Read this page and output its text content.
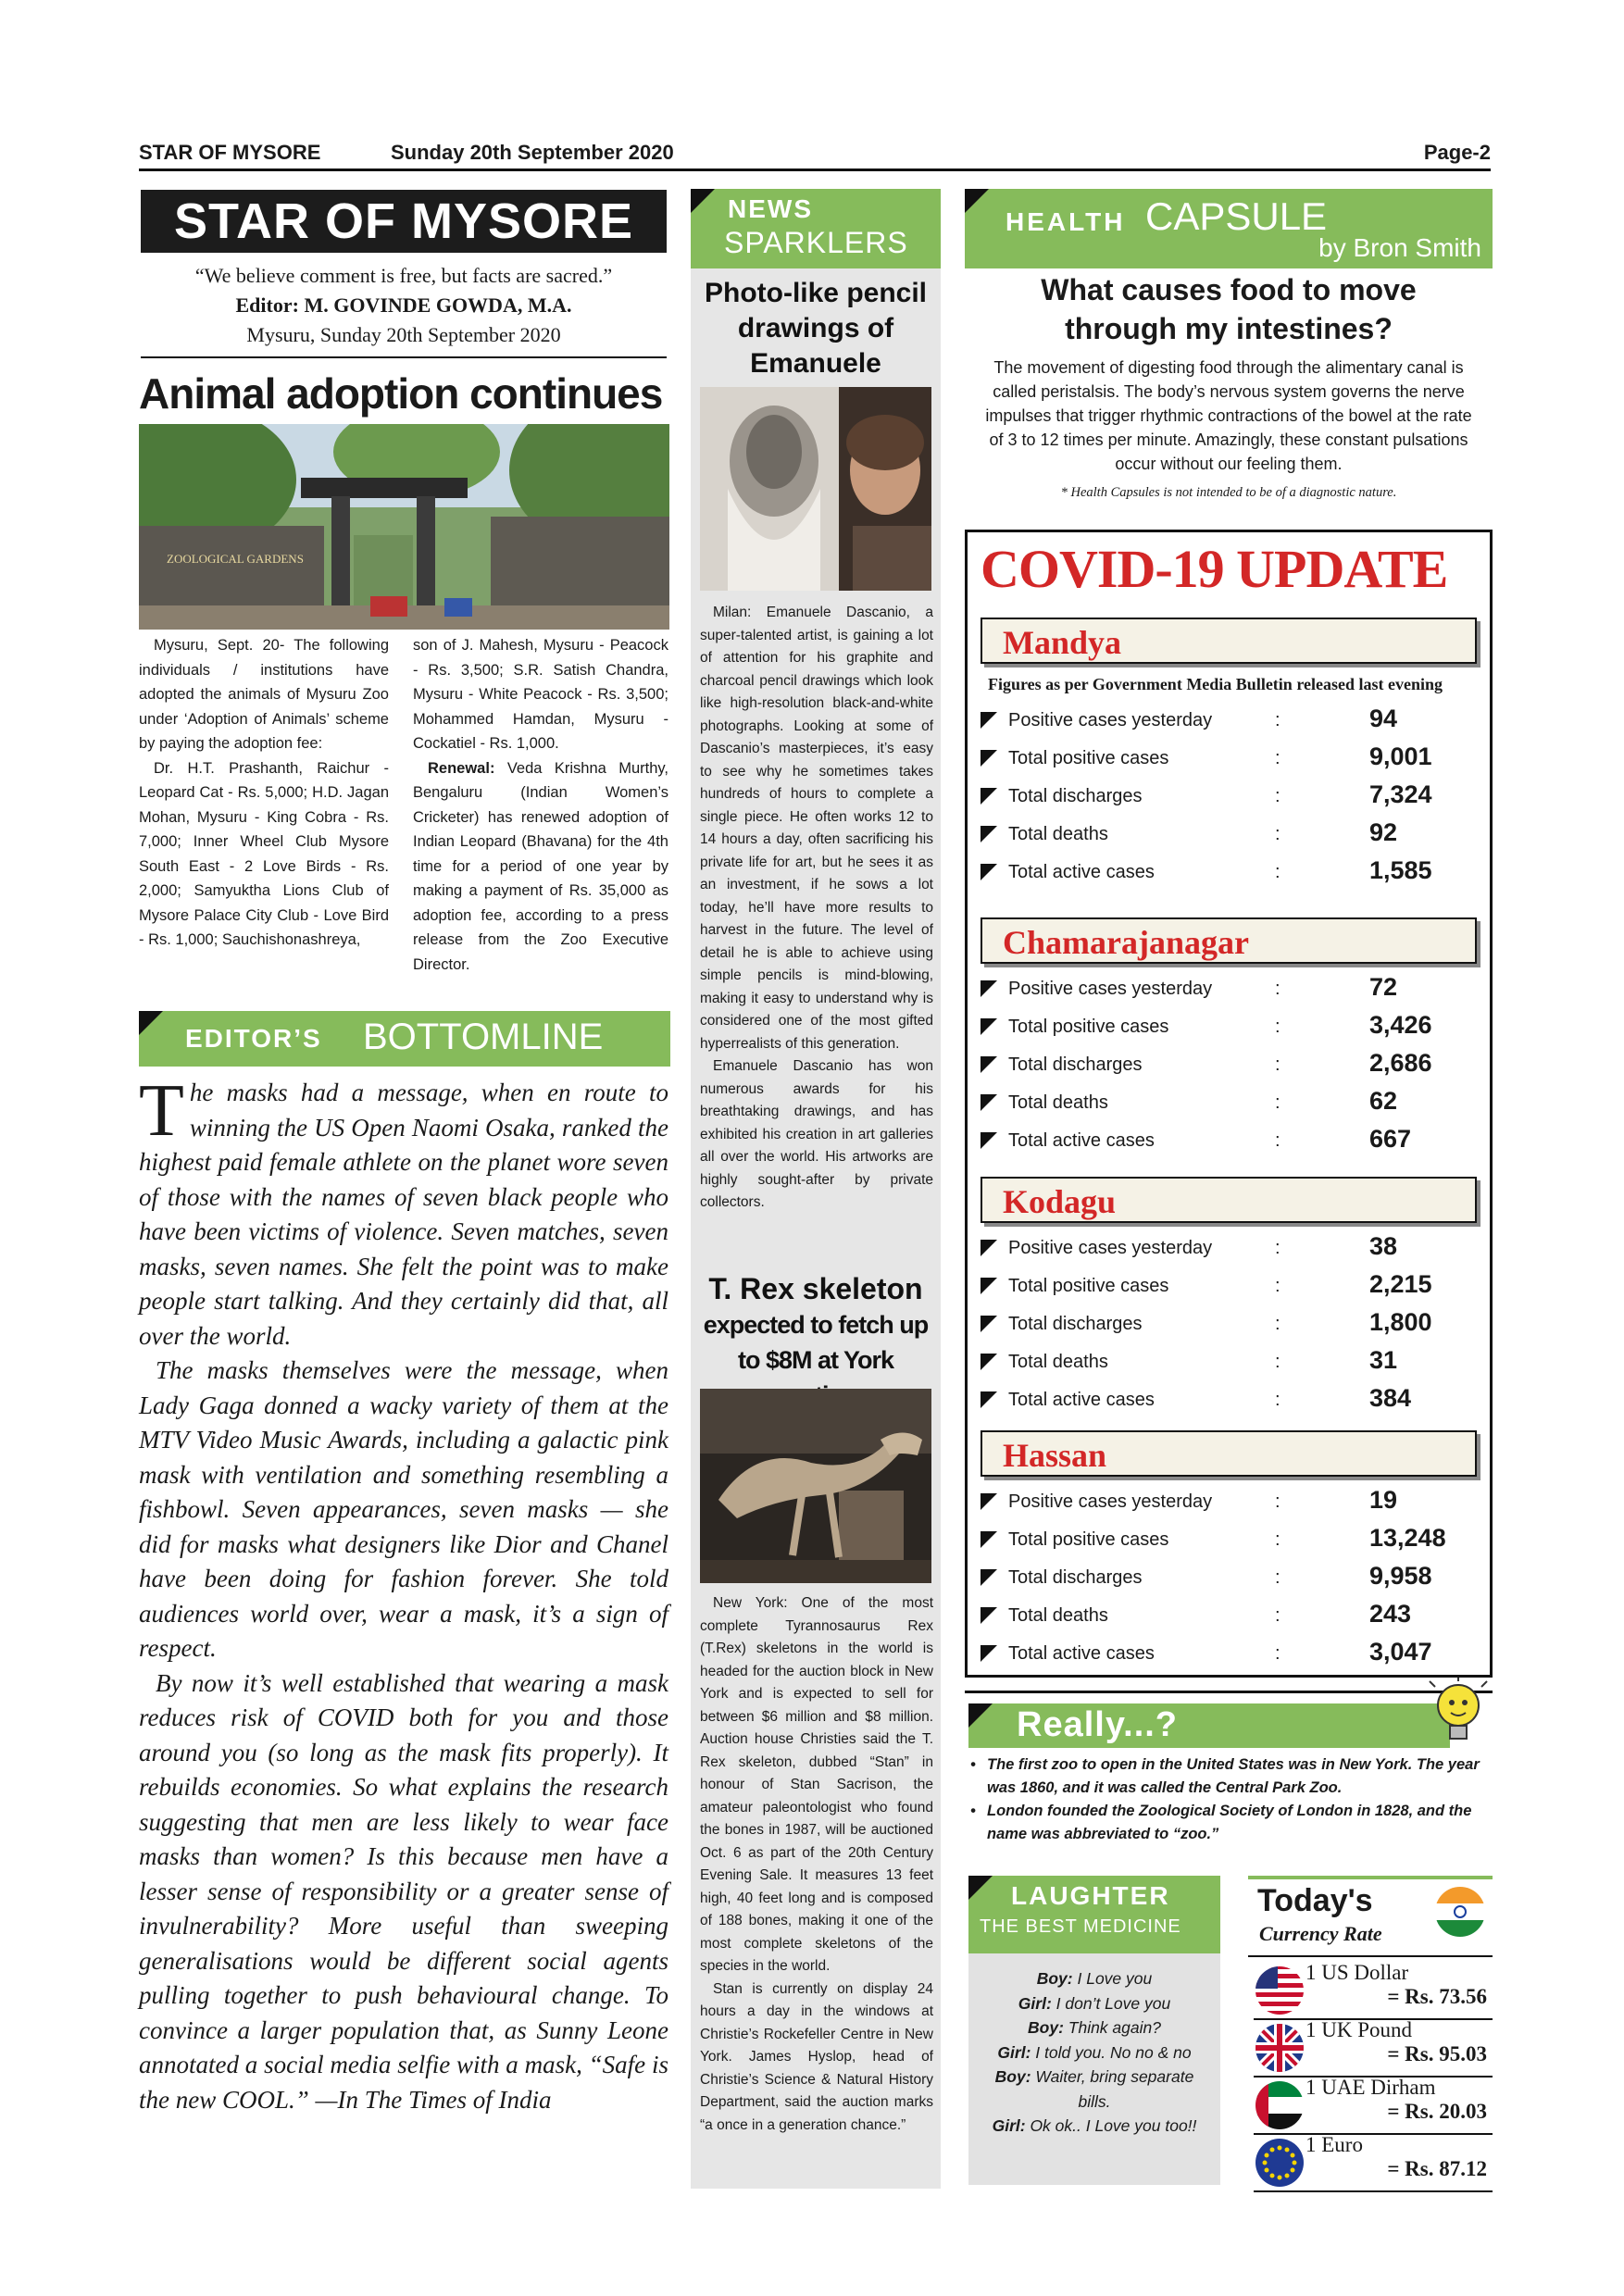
STAR OF MYSORE	Sunday 20th September 2020	Page-2
STAR OF MYSORE
“We believe comment is free, but facts are sacred.”
Editor: M. GOVINDE GOWDA, M.A.
Mysuru, Sunday 20th September 2020
Animal adoption continues
ZOOLOGICAL GARDENS

Mysuru, Sept. 20- The following individuals / institutions have adopted the animals of Mysuru Zoo under ‘Adoption of Animals’ scheme by paying the adoption fee:

Dr. H.T. Prashanth, Raichur - Leopard Cat - Rs. 5,000; H.D. Jagan Mohan, Mysuru - King Cobra - Rs. 7,000; Inner Wheel Club Mysore South East - 2 Love Birds - Rs. 2,000; Samyuktha Lions Club of Mysore Palace City Club - Love Bird - Rs. 1,000; Sauchishonashreya,

son of J. Mahesh, Mysuru - Peacock - Rs. 3,500; S.R. Satish Chandra, Mysuru - White Peacock - Rs. 3,500; Mohammed Hamdan, Mysuru - Cockatiel - Rs. 1,000.

Renewal: Veda Krishna Murthy, Bengaluru (Indian Women’s Cricketer) has renewed adoption of Indian Leopard (Bhavana) for the 4th time for a period of one year by making a payment of Rs. 35,000 as adoption fee, according to a press release from the Zoo Executive Director.

EDITOR’S BOTTOMLINE

The masks had a message, when en route to winning the US Open Naomi Osaka, ranked the highest paid female athlete on the planet wore seven of those with the names of seven black people who have been victims of violence. Seven matches, seven masks, seven names. She felt the point was to make people start talking. And they certainly did that, all over the world.

The masks themselves were the message, when Lady Gaga donned a wacky variety of them at the MTV Video Music Awards, including a galactic pink mask with ventilation and something resembling a fishbowl. Seven appearances, seven masks — she did for masks what designers like Dior and Chanel have been doing for fashion forever. She told audiences world over, wear a mask, it’s a sign of respect.

By now it’s well established that wearing a mask reduces risk of COVID both for you and those around you (so long as the mask fits properly). It rebuilds economies. So what explains the research suggesting that men are less likely to wear face masks than women? Is this because men have a lesser sense of responsibility or a greater sense of invulnerability? More useful than sweeping generalisations would be different social agents pulling together to push behavioural change. To convince a larger population that, as Sunny Leone annotated a social media selfie with a mask, “Safe is the new COOL.” —In The Times of India

NEWS
SPARKLERS
Photo-like pencil drawings of Emanuele

Milan: Emanuele Dascanio, a super-talented artist, is gaining a lot of attention for his graphite and charcoal pencil drawings which look like high-resolution black-and-white photographs. Looking at some of Dascanio’s masterpieces, it’s easy to see why he sometimes takes hundreds of hours to complete a single piece. He often works 12 to 14 hours a day, often sacrificing his private life for art, but he sees it as an investment, if he sows a lot today, he’ll have more results to harvest in the future. The level of detail he is able to achieve using simple pencils is mind-blowing, making it easy to understand why is considered one of the most gifted hyperrealists of this generation.

Emanuele Dascanio has won numerous awards for his breathtaking drawings, and has exhibited his creation in art galleries all over the world. His artworks are highly sought-after by private collectors.

T. Rex skeleton
expected to fetch up
to $8M at York

New York: One of the most complete Tyrannosaurus Rex (T.Rex) skeletons in the world is headed for the auction block in New York and is expected to sell for between $6 million and $8 million. Auction house Christies said the T. Rex skeleton, dubbed “Stan” in honour of Stan Sacrison, the amateur paleontologist who found the bones in 1987, will be auctioned Oct. 6 as part of the 20th Century Evening Sale. It measures 13 feet high, 40 feet long and is composed of 188 bones, making it one of the most complete skeletons of the species in the world.

Stan is currently on display 24 hours a day in the windows at Christie’s Rockefeller Centre in New York. James Hyslop, head of Christie’s Science & Natural History Department, said the auction marks “a once in a generation chance.”

HEALTH CAPSULE
by Bron Smith
What causes food to move through my intestines?
The movement of digesting food through the alimentary canal is called peristalsis. The body’s nervous system governs the nerve impulses that trigger rhythmic contractions of the bowel at the rate of 3 to 12 times per minute. Amazingly, these constant pulsations occur without our feeling them.
* Health Capsules is not intended to be of a diagnostic nature.
COVID-19 UPDATE
Mandya
Figures as per Government Media Bulletin released last evening
Positive cases yesterday	:	94
Total positive cases	:	9,001
Total discharges	:	7,324
Total deaths	:	92
Total active cases	:	1,585
Chamarajanagar
Positive cases yesterday	:	72
Total positive cases	:	3,426
Total discharges	:	2,686
Total deaths	:	62
Total active cases	:	667
Kodagu
Positive cases yesterday	:	38
Total positive cases	:	2,215
Total discharges	:	1,800
Total deaths	:	31
Total active cases	:	384
Hassan
Positive cases yesterday	:	19
Total positive cases	:	13,248
Total discharges	:	9,958
Total deaths	:	243
Total active cases	:	3,047
Really...?
• The first zoo to open in the United States was in New York. The year was 1860, and it was called the Central Park Zoo.
• London founded the Zoological Society of London in 1828, and the name was abbreviated to “zoo.”
LAUGHTER
THE BEST MEDICINE
Boy: I Love you
Girl: I don’t Love you
Boy: Think again?
Girl: I told you. No no & no
Boy: Waiter, bring separate bills.
Girl: Ok ok.. I Love you too!!
Today's
Currency Rate
1 US Dollar
= Rs. 73.56
1 UK Pound
= Rs. 95.03
1 UAE Dirham
= Rs. 20.03
1 Euro
= Rs. 87.12
